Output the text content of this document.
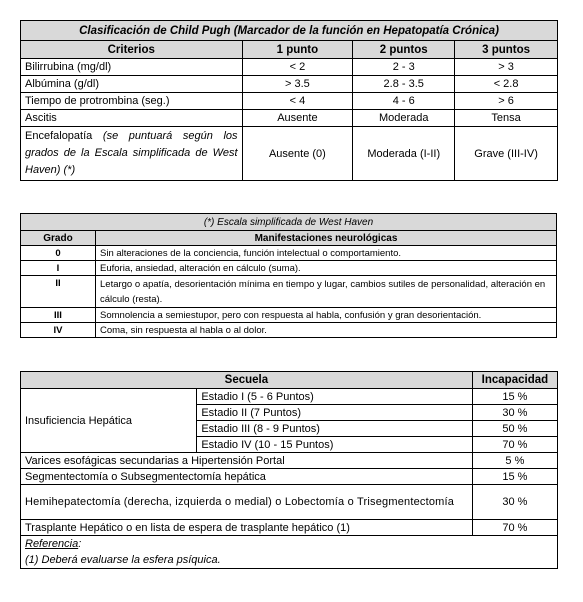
Clasificación de Child Pugh (Marcador de la función en Hepatopatía Crónica)			
Criterios	1 punto	2 puntos	3 puntos
Bilirrubina (mg/dl)	< 2	2 - 3	> 3
Albúmina (g/dl)	> 3.5	2.8 - 3.5	< 2.8
Tiempo de protrombina (seg.)	< 4	4 - 6	> 6
Ascitis	Ausente	Moderada	Tensa
Encefalopatía (se puntuará según los grados de la Escala simplificada de West Haven) (*)	Ausente (0)	Moderada (I-II)	Grave (III-IV)
(*) Escala simplificada de West Haven	
Grado	Manifestaciones neurológicas
0	Sin alteraciones de la conciencia, función intelectual o comportamiento.
I	Euforia, ansiedad, alteración en cálculo (suma).
II	Letargo o apatía, desorientación mínima en tiempo y lugar, cambios sutiles de personalidad, alteración en cálculo (resta).
III	Somnolencia a semiestupor, pero con respuesta al habla, confusión y gran desorientación.
IV	Coma, sin respuesta al habla o al dolor.
Secuela		Incapacidad
Insuficiencia Hepática	Estadio I (5 - 6 Puntos)	15 %
	Estadio II (7 Puntos)	30 %
	Estadio III (8 - 9 Puntos)	50 %
	Estadio IV (10 - 15 Puntos)	70 %
Varices esofágicas secundarias a Hipertensión Portal		5 %
Segmentectomía o Subsegmentectomía hepática		15 %
Hemihepatectomía (derecha, izquierda o medial) o Lobectomía o Trisegmentectomía		30 %
Trasplante Hepático o en lista de espera de trasplante hepático (1)		70 %
Referencia:
(1) Deberá evaluarse la esfera psíquica.		
